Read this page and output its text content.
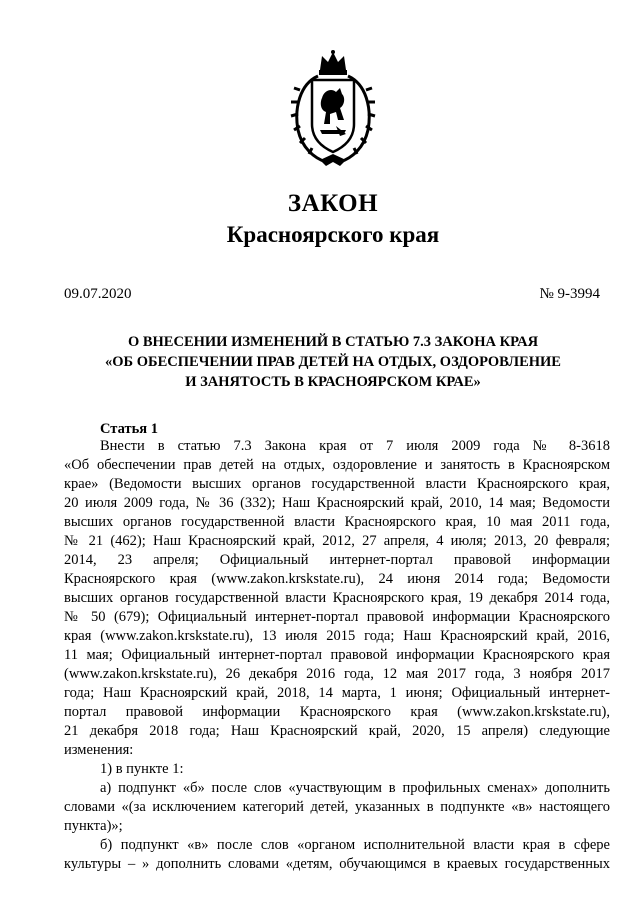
ЗАКОН
Красноярского края
09.07.2020	№ 9-3994
О ВНЕСЕНИИ ИЗМЕНЕНИЙ В СТАТЬЮ 7.3 ЗАКОНА КРАЯ
«ОБ ОБЕСПЕЧЕНИИ ПРАВ ДЕТЕЙ НА ОТДЫХ, ОЗДОРОВЛЕНИЕ
И ЗАНЯТОСТЬ В КРАСНОЯРСКОМ КРАЕ»
Статья 1

Внести в статью 7.3 Закона края от 7 июля 2009 года № 8-3618

«Об обеспечении прав детей на отдых, оздоровление и занятость в Красноярском

крае» (Ведомости высших органов государственной власти Красноярского края,

20 июля 2009 года, № 36 (332); Наш Красноярский край, 2010, 14 мая; Ведомости

высших органов государственной власти Красноярского края, 10 мая 2011 года,

№ 21 (462); Наш Красноярский край, 2012, 27 апреля, 4 июля; 2013, 20 февраля;

2014, 23 апреля; Официальный интернет-портал правовой информации

Красноярского края (www.zakon.krskstate.ru), 24 июня 2014 года; Ведомости

высших органов государственной власти Красноярского края, 19 декабря 2014 года,

№ 50 (679); Официальный интернет-портал правовой информации Красноярского

края (www.zakon.krskstate.ru), 13 июля 2015 года; Наш Красноярский край, 2016,

11 мая; Официальный интернет-портал правовой информации Красноярского края

(www.zakon.krskstate.ru), 26 декабря 2016 года, 12 мая 2017 года, 3 ноября 2017

года; Наш Красноярский край, 2018, 14 марта, 1 июня; Официальный интернет-

портал правовой информации Красноярского края (www.zakon.krskstate.ru),

21 декабря 2018 года; Наш Красноярский край, 2020, 15 апреля) следующие

изменения:

1) в пункте 1:

а) подпункт «б» после слов «участвующим в профильных сменах» дополнить

словами «(за исключением категорий детей, указанных в подпункте «в» настоящего

пункта)»;

б) подпункт «в» после слов «органом исполнительной власти края в сфере

культуры – » дополнить словами «детям, обучающимся в краевых государственных
